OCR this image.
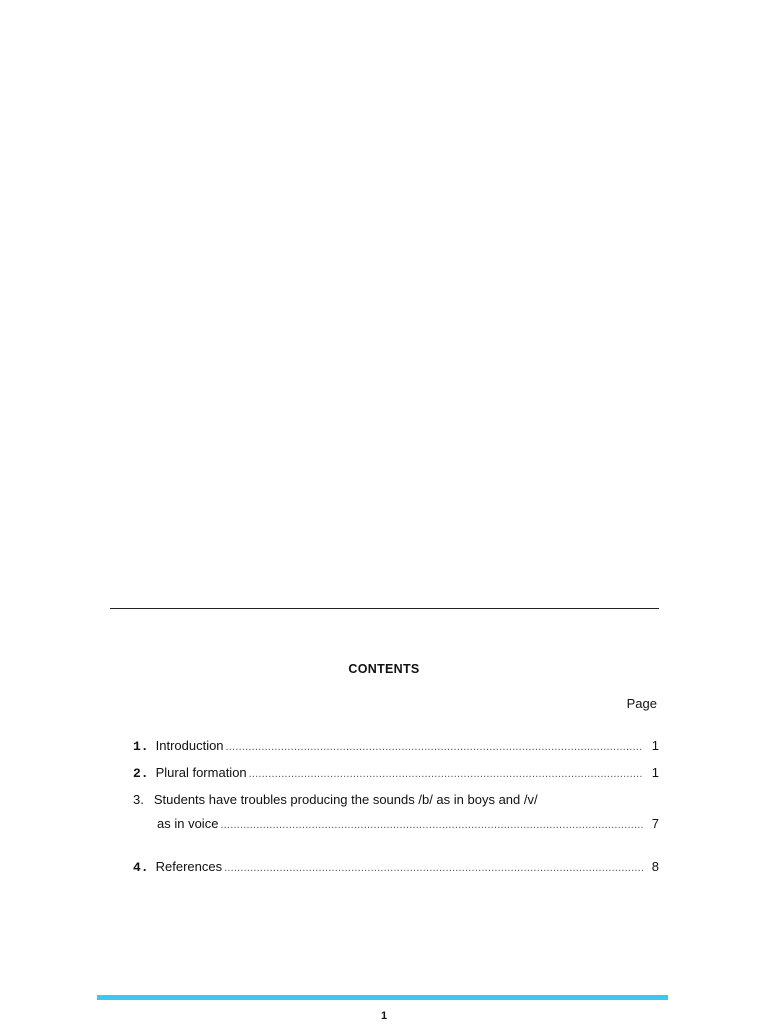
CONTENTS
Page
1. Introduction .....	1
2. Plural formation .....	1
3. Students have troubles producing the sounds /b/ as in boys and /v/
as in voice .....	7
4. References .....	8
1
